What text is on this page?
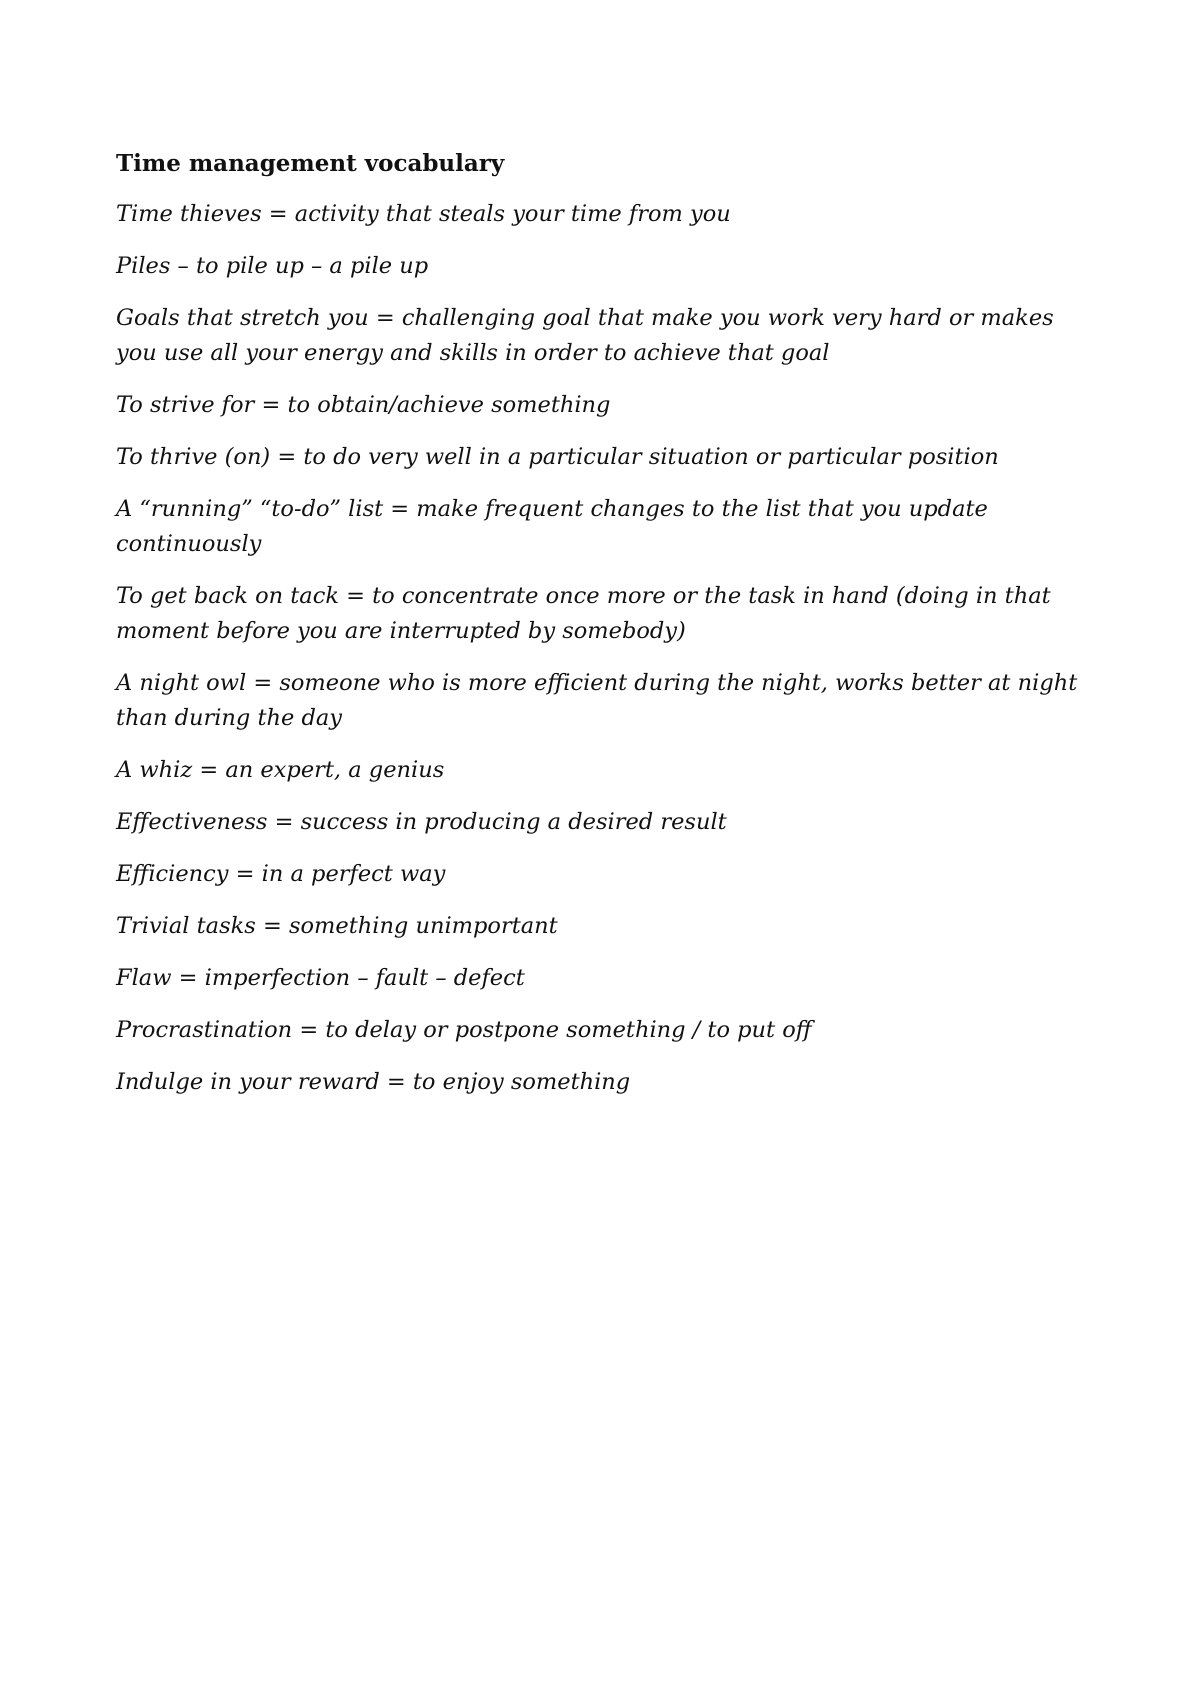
Time management vocabulary
Time thieves = activity that steals your time from you
Piles – to pile up – a pile up
Goals that stretch you = challenging goal that make you work very hard or makes you use all your energy and skills in order to achieve that goal
To strive for = to obtain/achieve something
To thrive (on) = to do very well in a particular situation or particular position
A “running” “to-do” list = make frequent changes to the list that you update continuously
To get back on tack = to concentrate once more or the task in hand (doing in that moment before you are interrupted by somebody)
A night owl = someone who is more efficient during the night, works better at night than during the day
A whiz = an expert, a genius
Effectiveness = success in producing a desired result
Efficiency = in a perfect way
Trivial tasks = something unimportant
Flaw = imperfection – fault – defect
Procrastination = to delay or postpone something / to put off
Indulge in your reward = to enjoy something
